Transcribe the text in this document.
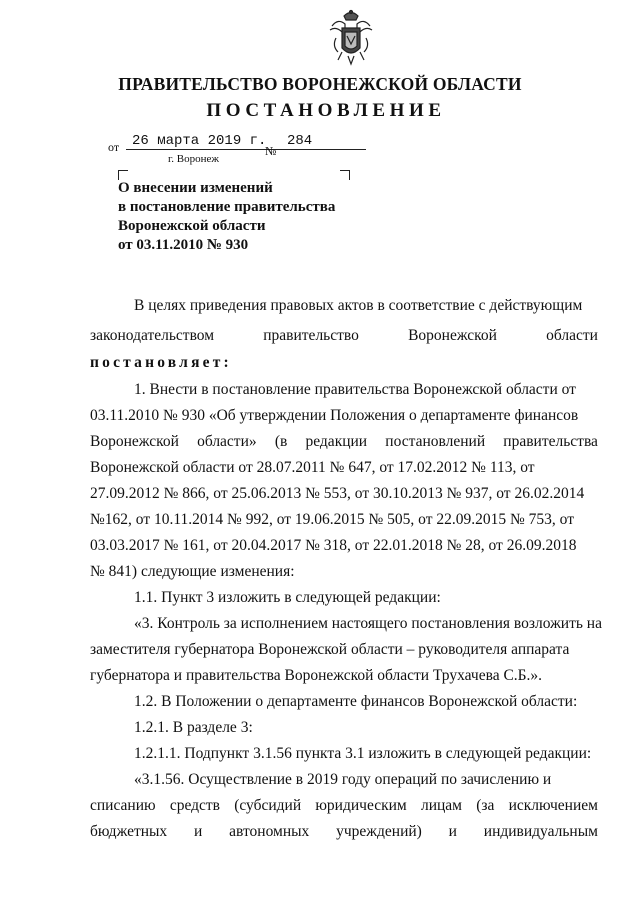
ПРАВИТЕЛЬСТВО ВОРОНЕЖСКОЙ ОБЛАСТИ
ПОСТАНОВЛЕНИЕ
от 26 марта 2019 г.
№
284
г. Воронеж
О внесении изменений
в постановление правительства
Воронежской области
от 03.11.2010 № 930
В целях приведения правовых актов в соответствие с действующим
законодательством	правительство	Воронежской	области
постановляет:
1. Внести в постановление правительства Воронежской области от
03.11.2010 № 930 «Об утверждении Положения о департаменте финансов
Воронежской области» (в редакции постановлений правительства
Воронежской области от 28.07.2011 № 647, от 17.02.2012 № 113, от
27.09.2012 № 866, от 25.06.2013 № 553, от 30.10.2013 № 937, от 26.02.2014
№162, от 10.11.2014 № 992, от 19.06.2015 № 505, от 22.09.2015 № 753, от
03.03.2017 № 161, от 20.04.2017 № 318, от 22.01.2018 № 28, от 26.09.2018
№ 841) следующие изменения:
1.1. Пункт 3 изложить в следующей редакции:
«3. Контроль за исполнением настоящего постановления возложить на
заместителя губернатора Воронежской области – руководителя аппарата
губернатора и правительства Воронежской области Трухачева С.Б.».
1.2. В Положении о департаменте финансов Воронежской области:
1.2.1. В разделе 3:
1.2.1.1. Подпункт 3.1.56 пункта 3.1 изложить в следующей редакции:
«3.1.56. Осуществление в 2019 году операций по зачислению и
списанию средств (субсидий юридическим лицам (за исключением
бюджетных и автономных учреждений) и индивидуальным
